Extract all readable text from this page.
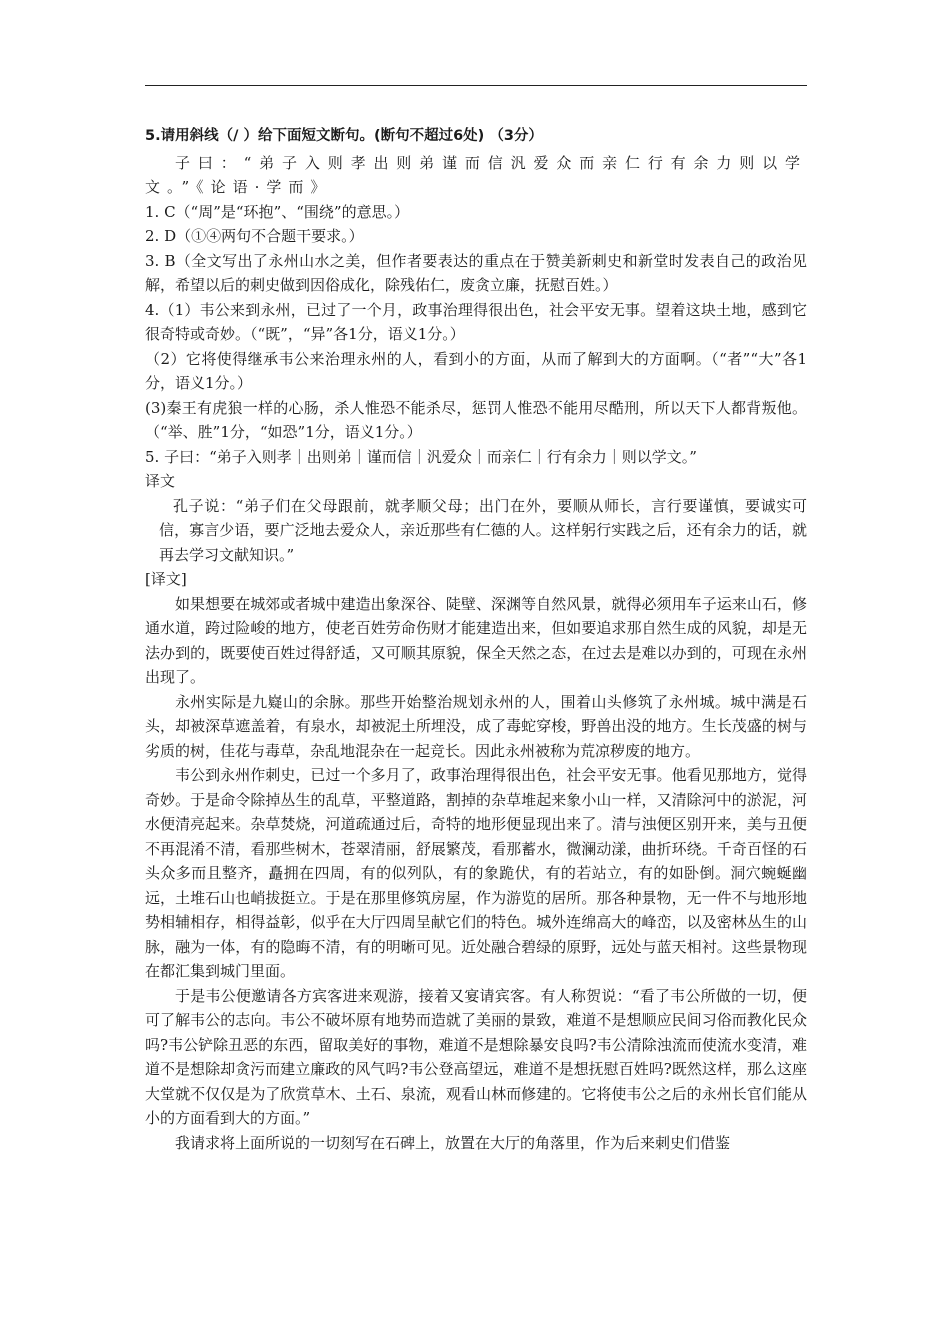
5.请用斜线（/ ）给下面短文断句。(断句不超过6处) （3分）

子曰：“弟子入则孝出则弟谨而信汎爱众而亲仁行有余力则以学 文。”《论语·学而》

1. C（“周”是“环抱”、“围绕”的意思。）

2. D（①④两句不合题干要求。）

3. B（全文写出了永州山水之美，但作者要表达的重点在于赞美新刺史和新堂时发表自己的政治见解，希望以后的刺史做到因俗成化，除残佑仁，废贪立廉，抚慰百姓。）

4.（1）韦公来到永州，已过了一个月，政事治理得很出色，社会平安无事。望着这块土地，感到它很奇特或奇妙。（“既”，“异”各1分，语义1分。）

（2）它将使得继承韦公来治理永州的人，看到小的方面，从而了解到大的方面啊。（“者”“大”各1分，语义1分。）

(3)秦王有虎狼一样的心肠，杀人惟恐不能杀尽，惩罚人惟恐不能用尽酷刑，所以天下人都背叛他。（“举、胜”1分，“如恐”1分，语义1分。）

5. 子曰：“弟子入则孝｜出则弟｜谨而信｜汎爱众｜而亲仁｜行有余力｜则以学文。”

译文

孔子说：“弟子们在父母跟前，就孝顺父母；出门在外，要顺从师长，言行要谨慎，要诚实可信，寡言少语，要广泛地去爱众人，亲近那些有仁德的人。这样躬行实践之后，还有余力的话，就再去学习文献知识。”

[译文]

如果想要在城郊或者城中建造出象深谷、陡壁、深渊等自然风景，就得必须用车子运来山石，修通水道，跨过险峻的地方，使老百姓劳命伤财才能建造出来，但如要追求那自然生成的风貌，却是无法办到的，既要使百姓过得舒适，又可顺其原貌，保全天然之态，在过去是难以办到的，可现在永州出现了。

永州实际是九嶷山的余脉。那些开始整治规划永州的人，围着山头修筑了永州城。城中满是石头，却被深草遮盖着，有泉水，却被泥土所埋没，成了毒蛇穿梭，野兽出没的地方。生长茂盛的树与劣质的树，佳花与毒草，杂乱地混杂在一起竞长。因此永州被称为荒凉秽废的地方。

韦公到永州作刺史，已过一个多月了，政事治理得很出色，社会平安无事。他看见那地方，觉得奇妙。于是命令除掉丛生的乱草，平整道路，割掉的杂草堆起来象小山一样，又清除河中的淤泥，河水便清亮起来。杂草焚烧，河道疏通过后，奇特的地形便显现出来了。清与浊便区别开来，美与丑便不再混淆不清，看那些树木，苍翠清丽，舒展繁茂，看那蓄水，微澜动漾，曲折环绕。千奇百怪的石头众多而且整齐，矗拥在四周，有的似列队，有的象跪伏，有的若站立，有的如卧倒。洞穴蜿蜒幽远，土堆石山也峭拔挺立。于是在那里修筑房屋，作为游览的居所。那各种景物，无一件不与地形地势相辅相存，相得益彰，似乎在大厅四周呈献它们的特色。城外连绵高大的峰峦，以及密林丛生的山脉，融为一体，有的隐晦不清，有的明晰可见。近处融合碧绿的原野，远处与蓝天相衬。这些景物现在都汇集到城门里面。

于是韦公便邀请各方宾客进来观游，接着又宴请宾客。有人称贺说：“看了韦公所做的一切，便可了解韦公的志向。韦公不破坏原有地势而造就了美丽的景致，难道不是想顺应民间习俗而教化民众吗?韦公铲除丑恶的东西，留取美好的事物，难道不是想除暴安良吗?韦公清除浊流而使流水变清，难道不是想除却贪污而建立廉政的风气吗?韦公登高望远，难道不是想抚慰百姓吗?既然这样，那么这座大堂就不仅仅是为了欣赏草木、土石、泉流，观看山林而修建的。它将使韦公之后的永州长官们能从小的方面看到大的方面。”

我请求将上面所说的一切刻写在石碑上，放置在大厅的角落里，作为后来刺史们借鉴
